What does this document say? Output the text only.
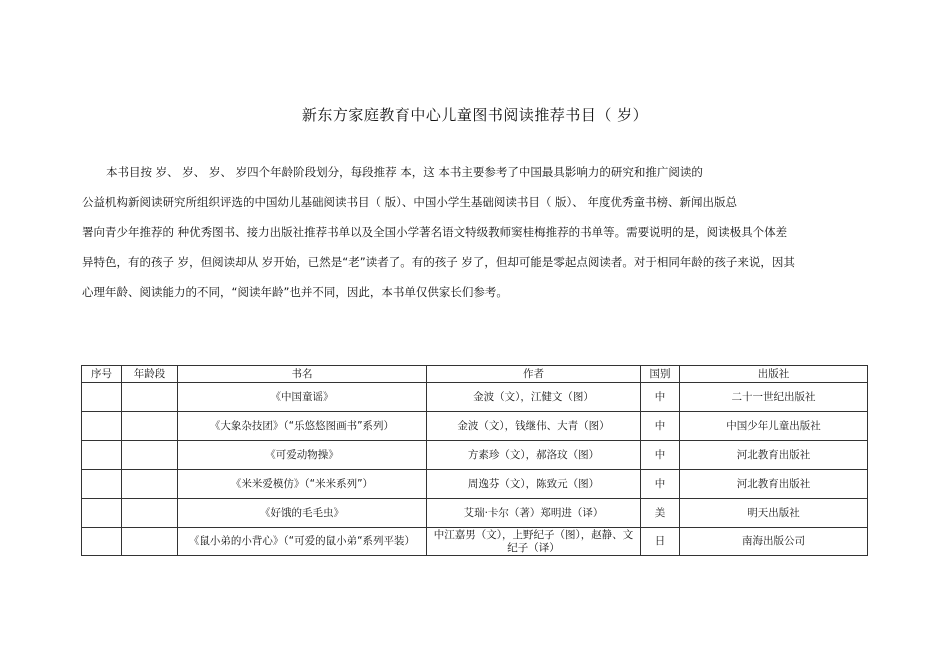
新东方家庭教育中心儿童图书阅读推荐书目（ 岁）
本书目按 岁、 岁、 岁、 岁四个年龄阶段划分，每段推荐 本，这 本书主要参考了中国最具影响力的研究和推广阅读的
公益机构新阅读研究所组织评选的中国幼儿基础阅读书目（ 版）、中国小学生基础阅读书目（ 版）、 年度优秀童书榜、新闻出版总
署向青少年推荐的 种优秀图书、接力出版社推荐书单以及全国小学著名语文特级教师窦桂梅推荐的书单等。需要说明的是，阅读极具个体差
异特色，有的孩子 岁，但阅读却从 岁开始，已然是“老”读者了。有的孩子 岁了，但却可能是零起点阅读者。对于相同年龄的孩子来说，因其
心理年龄、阅读能力的不同，“阅读年龄”也并不同，因此，本书单仅供家长们参考。
序号	年龄段	书名	作者	国别	出版社
		《中国童谣》	金波（文），江健文（图）	中	二十一世纪出版社
		《大象杂技团》（“乐悠悠图画书”系列）	金波（文），钱继伟、大青（图）	中	中国少年儿童出版社
		《可爱动物操》	方素珍（文），郝洛玟（图）	中	河北教育出版社
		《米米爱模仿》（“米米系列”）	周逸芬（文），陈致元（图）	中	河北教育出版社
		《好饿的毛毛虫》	艾瑞·卡尔（著）郑明进（译）	美	明天出版社
		《鼠小弟的小背心》（“可爱的鼠小弟“系列平装）	中江嘉男（文），上野纪子（图），赵静、文纪子（译）	日	南海出版公司
